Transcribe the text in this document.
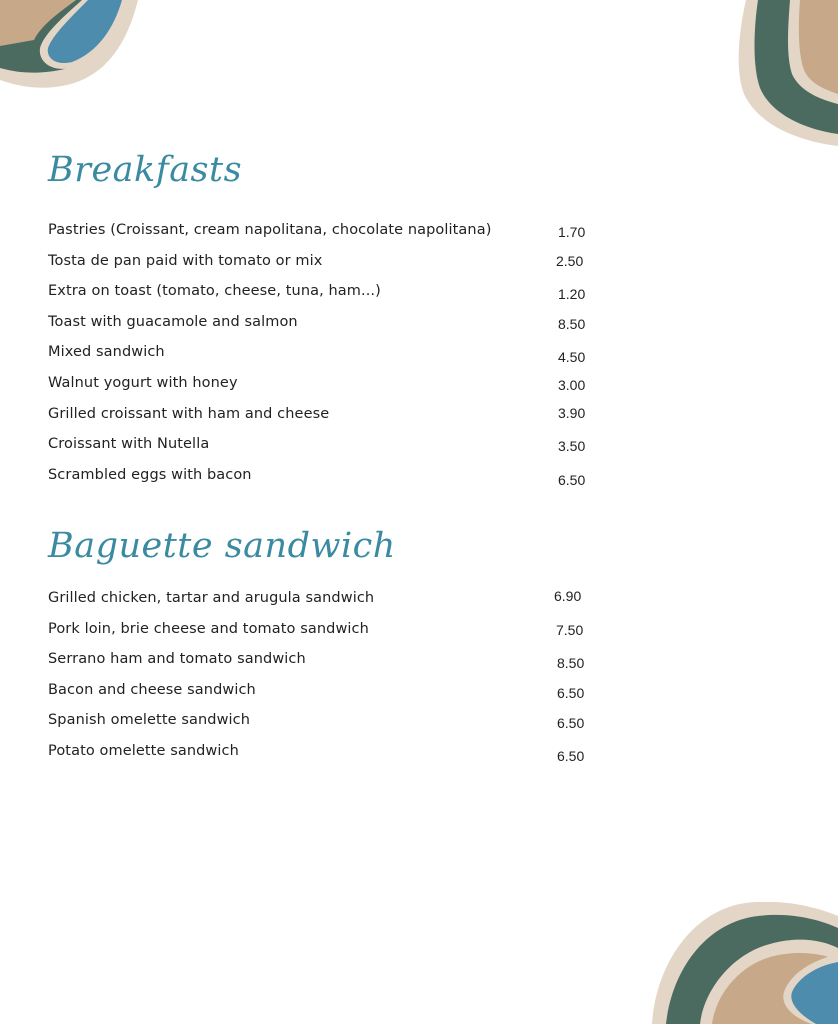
Breakfasts
Pastries (Croissant, cream napolitana, chocolate napolitana)	1.70
Tosta de pan paid with tomato or mix	2.50
Extra on toast (tomato, cheese, tuna, ham...)	1.20
Toast with guacamole and salmon	8.50
Mixed sandwich	4.50
Walnut yogurt with honey	3.00
Grilled croissant with ham and cheese	3.90
Croissant with Nutella	3.50
Scrambled eggs with bacon	6.50
Baguette sandwich
Grilled chicken, tartar and arugula sandwich	6.90
Pork loin, brie cheese and tomato sandwich	7.50
Serrano ham and tomato sandwich	8.50
Bacon and cheese sandwich	6.50
Spanish omelette sandwich	6.50
Potato omelette sandwich	6.50
